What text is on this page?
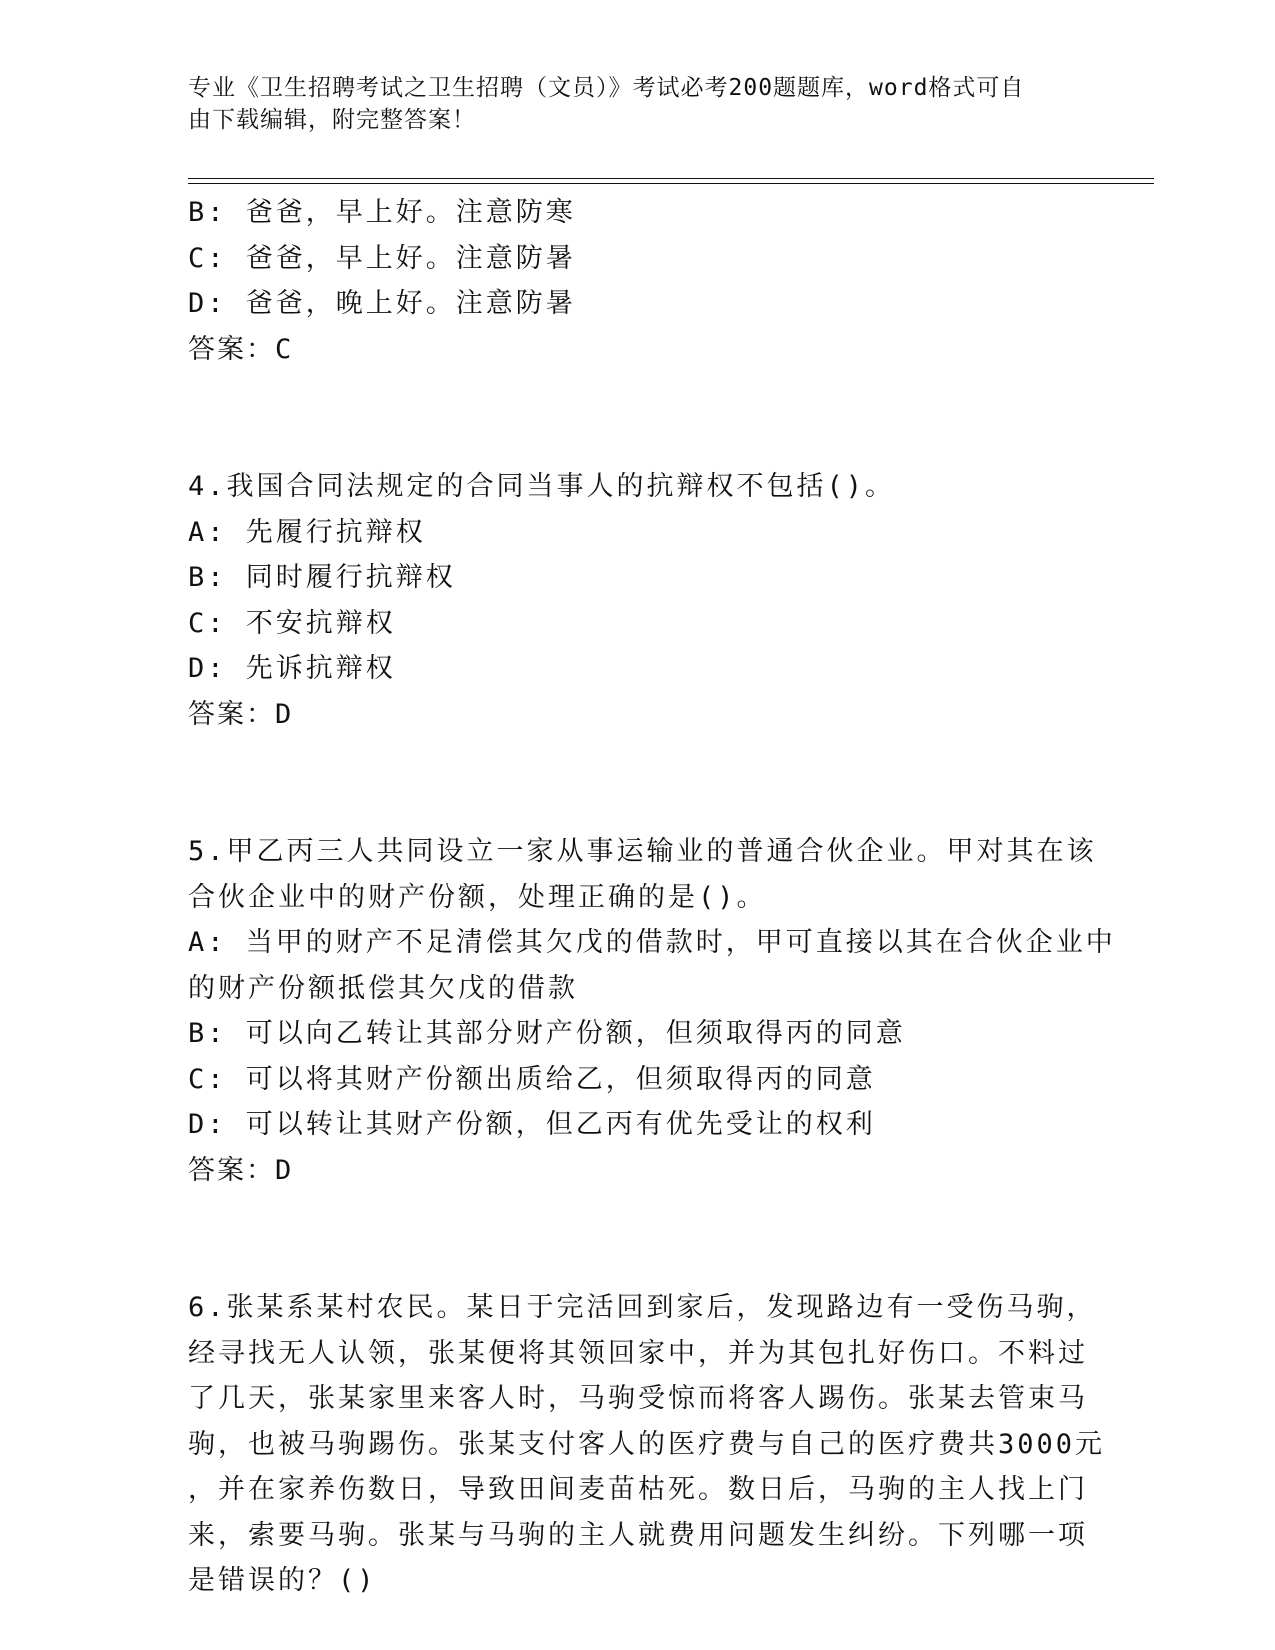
专业《卫生招聘考试之卫生招聘（文员）》考试必考200题题库，word格式可自
由下载编辑，附完整答案！
B: 爸爸，早上好。注意防寒
C: 爸爸，早上好。注意防暑
D: 爸爸，晚上好。注意防暑
答案：C
4.我国合同法规定的合同当事人的抗辩权不包括()。
A: 先履行抗辩权
B: 同时履行抗辩权
C: 不安抗辩权
D: 先诉抗辩权
答案：D
5.甲乙丙三人共同设立一家从事运输业的普通合伙企业。甲对其在该
合伙企业中的财产份额，处理正确的是()。
A: 当甲的财产不足清偿其欠戊的借款时，甲可直接以其在合伙企业中
的财产份额抵偿其欠戊的借款
B: 可以向乙转让其部分财产份额，但须取得丙的同意
C: 可以将其财产份额出质给乙，但须取得丙的同意
D: 可以转让其财产份额，但乙丙有优先受让的权利
答案：D
6.张某系某村农民。某日于完活回到家后，发现路边有一受伤马驹，
经寻找无人认领，张某便将其领回家中，并为其包扎好伤口。不料过
了几天，张某家里来客人时，马驹受惊而将客人踢伤。张某去管束马
驹，也被马驹踢伤。张某支付客人的医疗费与自己的医疗费共3000元
，并在家养伤数日，导致田间麦苗枯死。数日后，马驹的主人找上门
来，索要马驹。张某与马驹的主人就费用问题发生纠纷。下列哪一项
是错误的？()
